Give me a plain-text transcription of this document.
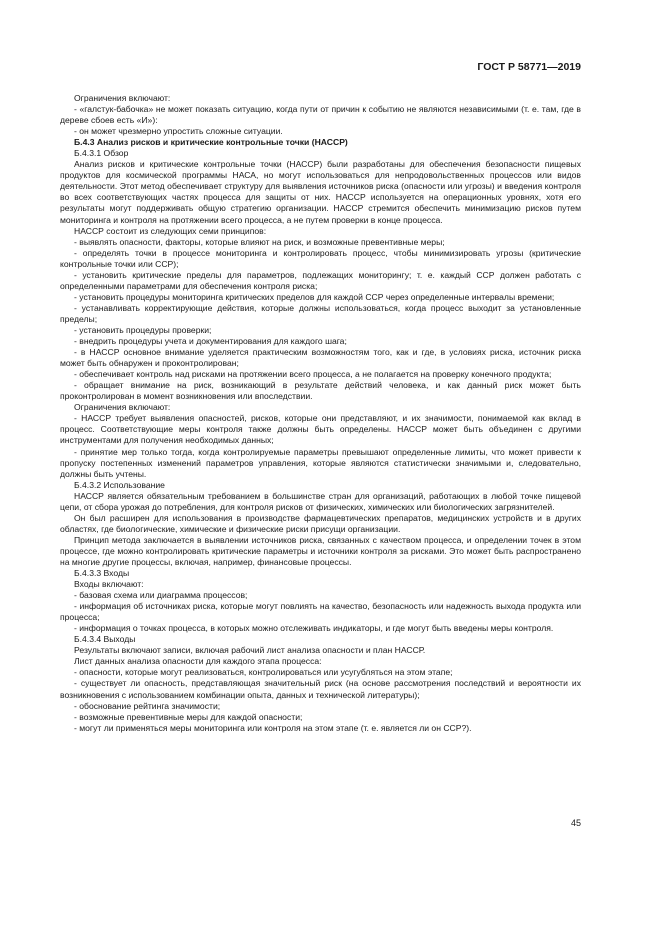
ГОСТ Р 58771—2019

Ограничения включают:

- «галстук-бабочка» не может показать ситуацию, когда пути от причин к событию не являются независимыми (т. е. там, где в дереве сбоев есть «И»):

- он может чрезмерно упростить сложные ситуации.

Б.4.3 Анализ рисков и критические контрольные точки (НАССР)

Б.4.3.1 Обзор

Анализ рисков и критические контрольные точки (НАССР) были разработаны для обеспечения безопасности пищевых продуктов для космической программы НАСА, но могут использоваться для непродовольственных процессов или видов деятельности. Этот метод обеспечивает структуру для выявления источников риска (опасности или угрозы) и введения контроля во всех соответствующих частях процесса для защиты от них. НАССР используется на операционных уровнях, хотя его результаты могут поддерживать общую стратегию организации. НАССР стремится обеспечить минимизацию рисков путем мониторинга и контроля на протяжении всего процесса, а не путем проверки в конце процесса.

НАССР состоит из следующих семи принципов:

- выявлять опасности, факторы, которые влияют на риск, и возможные превентивные меры;

- определять точки в процессе мониторинга и контролировать процесс, чтобы минимизировать угрозы (критические контрольные точки или ССР);

- установить критические пределы для параметров, подлежащих мониторингу; т. е. каждый ССР должен работать с определенными параметрами для обеспечения контроля риска;

- установить процедуры мониторинга критических пределов для каждой ССР через определенные интервалы времени;

- устанавливать корректирующие действия, которые должны использоваться, когда процесс выходит за установленные пределы;

- установить процедуры проверки;

- внедрить процедуры учета и документирования для каждого шага;

- в НАССР основное внимание уделяется практическим возможностям того, как и где, в условиях риска, источник риска может быть обнаружен и проконтролирован;

- обеспечивает контроль над рисками на протяжении всего процесса, а не полагается на проверку конечного продукта;

- обращает внимание на риск, возникающий в результате действий человека, и как данный риск может быть проконтролирован в момент возникновения или впоследствии.

Ограничения включают:

- НАССР требует выявления опасностей, рисков, которые они представляют, и их значимости, понимаемой как вклад в процесс. Соответствующие меры контроля также должны быть определены. НАССР может быть объединен с другими инструментами для получения необходимых данных;

- принятие мер только тогда, когда контролируемые параметры превышают определенные лимиты, что может привести к пропуску постепенных изменений параметров управления, которые являются статистически значимыми и, следовательно, должны быть учтены.

Б.4.3.2 Использование

НАССР является обязательным требованием в большинстве стран для организаций, работающих в любой точке пищевой цепи, от сбора урожая до потребления, для контроля рисков от физических, химических или биологических загрязнителей.

Он был расширен для использования в производстве фармацевтических препаратов, медицинских устройств и в других областях, где биологические, химические и физические риски присущи организации.

Принцип метода заключается в выявлении источников риска, связанных с качеством процесса, и определении точек в этом процессе, где можно контролировать критические параметры и источники контроля за рисками. Это может быть распространено на многие другие процессы, включая, например, финансовые процессы.

Б.4.3.3 Входы

Входы включают:

- базовая схема или диаграмма процессов;

- информация об источниках риска, которые могут повлиять на качество, безопасность или надежность выхода продукта или процесса;

- информация о точках процесса, в которых можно отслеживать индикаторы, и где могут быть введены меры контроля.

Б.4.3.4 Выходы

Результаты включают записи, включая рабочий лист анализа опасности и план НАССР.

Лист данных анализа опасности для каждого этапа процесса:

- опасности, которые могут реализоваться, контролироваться или усугубляться на этом этапе;

- существует ли опасность, представляющая значительный риск (на основе рассмотрения последствий и вероятности их возникновения с использованием комбинации опыта, данных и технической литературы);

- обоснование рейтинга значимости;

- возможные превентивные меры для каждой опасности;

- могут ли применяться меры мониторинга или контроля на этом этапе (т. е. является ли он ССР?).

45
